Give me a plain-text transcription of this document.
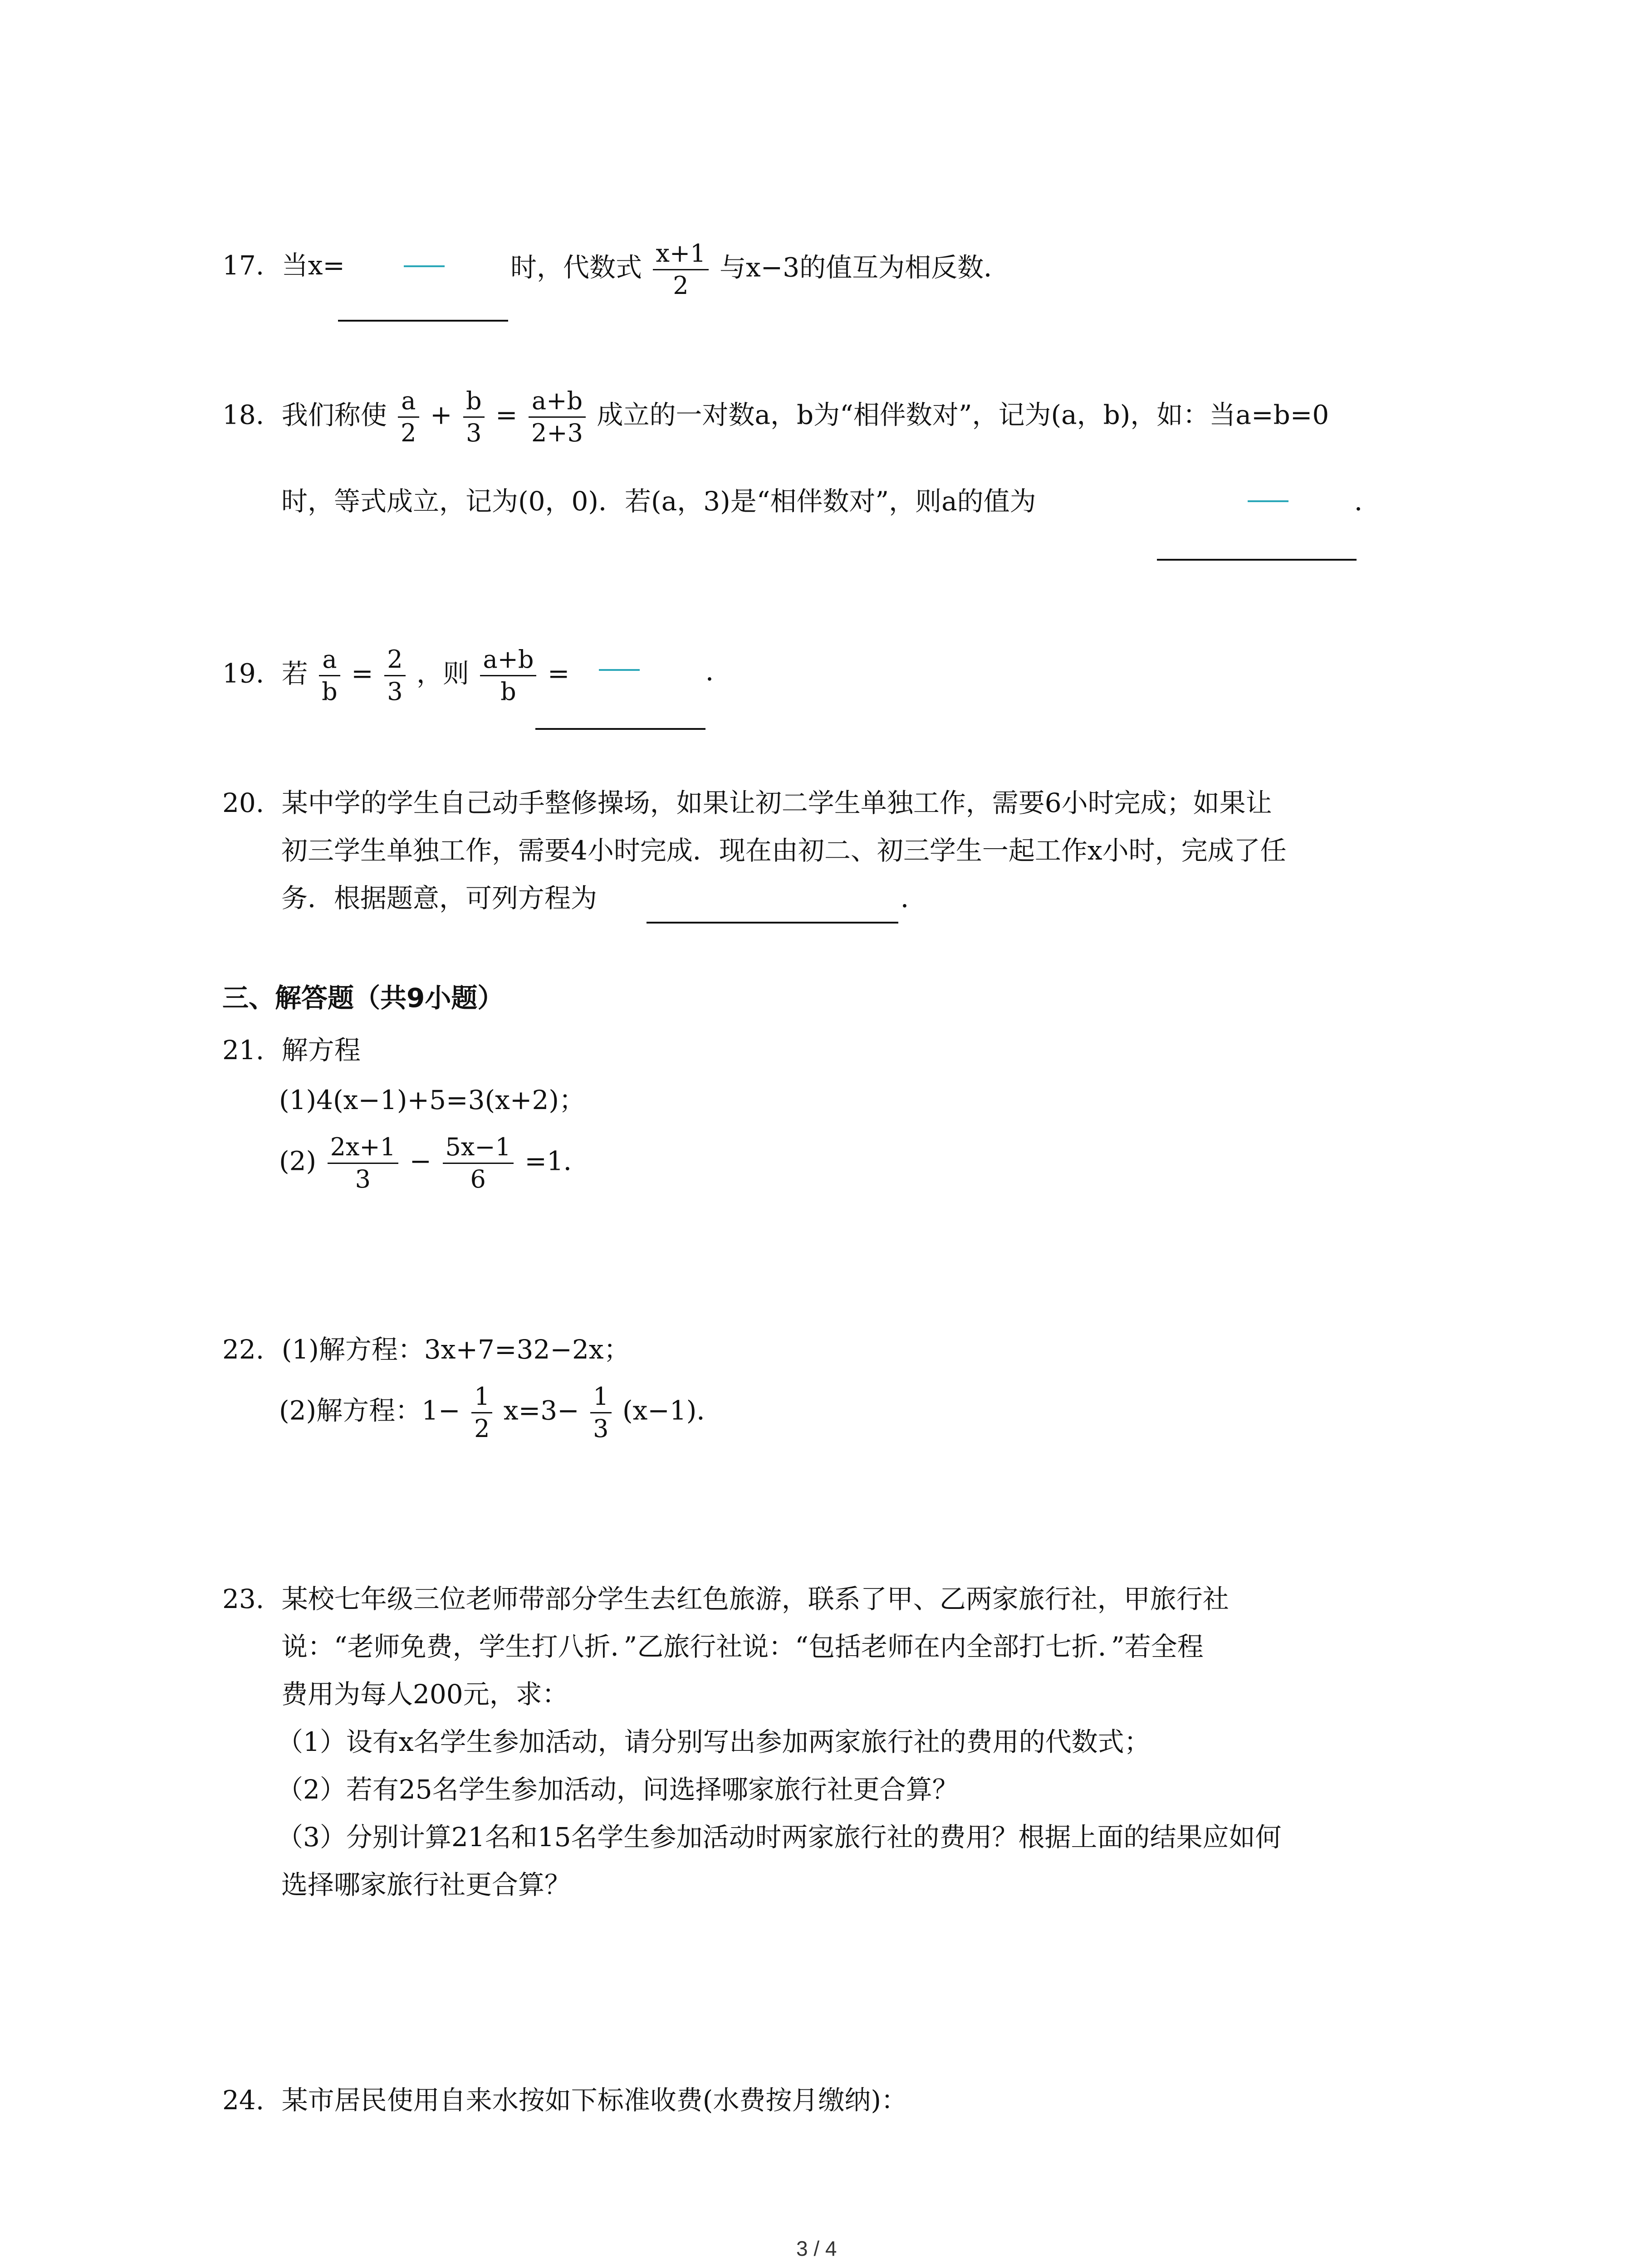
17. 当x=	时，代数式 $\frac{x+1}{2}$ 与x−3的值互为相反数．
18. 我们称使 $\frac{a}{2} + \frac{b}{3} = \frac{a+b}{2+3}$ 成立的一对数a，b为“相伴数对”，记为(a，b)，如：当a=b=0
时，等式成立，记为(0，0)．若(a，3)是“相伴数对”，则a的值为	．
19. 若 $\frac{a}{b} = \frac{2}{3}$ ，则 $\frac{a+b}{b}$ =	．
20. 某中学的学生自己动手整修操场，如果让初二学生单独工作，需要6小时完成；如果让
初三学生单独工作，需要4小时完成．现在由初二、初三学生一起工作x小时，完成了任
务．根据题意，可列方程为	．
三、解答题（共9小题）
21. 解方程
(1)4(x−1)+5=3(x+2)；
$(2) \frac{2x+1}{3} - \frac{5x-1}{6} =1$．
22. (1)解方程：3x+7=32−2x；
(2)解方程：$1- \frac{1}{2} x=3- \frac{1}{3} (x-1)$．
23. 某校七年级三位老师带部分学生去红色旅游，联系了甲、乙两家旅行社，甲旅行社
说：“老师免费，学生打八折．”乙旅行社说：“包括老师在内全部打七折．”若全程
费用为每人200元，求：
（1）设有x名学生参加活动，请分别写出参加两家旅行社的费用的代数式；
（2）若有25名学生参加活动，问选择哪家旅行社更合算？
（3）分别计算21名和15名学生参加活动时两家旅行社的费用？根据上面的结果应如何
选择哪家旅行社更合算？
24. 某市居民使用自来水按如下标准收费(水费按月缴纳)：
3 / 4
